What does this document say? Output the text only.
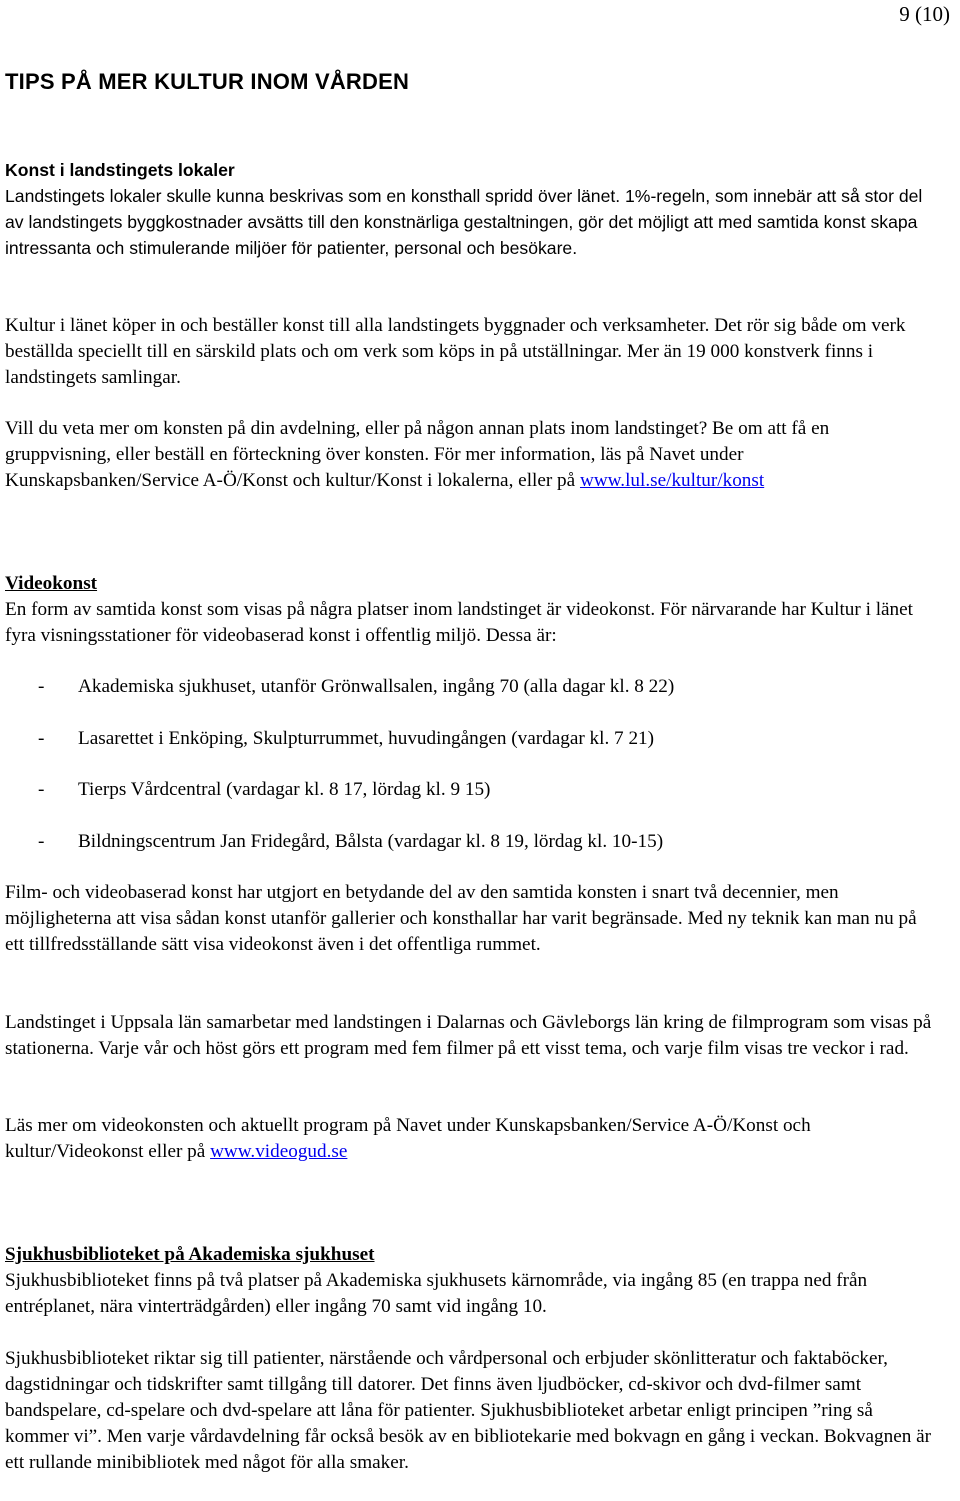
9 (10)
TIPS PÅ MER KULTUR INOM VÅRDEN
Konst i landstingets lokaler

Landstingets lokaler skulle kunna beskrivas som en konsthall spridd över länet. 1%-regeln, som innebär att så stor del av landstingets byggkostnader avsätts till den konstnärliga gestaltningen, gör det möjligt att med samtida konst skapa intressanta och stimulerande miljöer för patienter, personal och besökare.

Kultur i länet köper in och beställer konst till alla landstingets byggnader och verksamheter. Det rör sig både om verk beställda speciellt till en särskild plats och om verk som köps in på utställningar. Mer än 19 000 konstverk finns i landstingets samlingar.

Vill du veta mer om konsten på din avdelning, eller på någon annan plats inom landstinget? Be om att få en gruppvisning, eller beställ en förteckning över konsten. För mer information, läs på Navet under Kunskapsbanken/Service A-Ö/Konst och kultur/Konst i lokalerna, eller på www.lul.se/kultur/konst

Videokonst

En form av samtida konst som visas på några platser inom landstinget är videokonst. För närvarande har Kultur i länet fyra visningsstationer för videobaserad konst i offentlig miljö. Dessa är:

- Akademiska sjukhuset, utanför Grönwallsalen, ingång 70 (alla dagar kl. 8 22)
- Lasarettet i Enköping, Skulpturrummet, huvudingången (vardagar kl. 7 21)
- Tierps Vårdcentral (vardagar kl. 8 17, lördag kl. 9 15)
- Bildningscentrum Jan Fridegård, Bålsta (vardagar kl. 8 19, lördag kl. 10-15)

Film- och videobaserad konst har utgjort en betydande del av den samtida konsten i snart två decennier, men möjligheterna att visa sådan konst utanför gallerier och konsthallar har varit begränsade. Med ny teknik kan man nu på ett tillfredsställande sätt visa videokonst även i det offentliga rummet.

Landstinget i Uppsala län samarbetar med landstingen i Dalarnas och Gävleborgs län kring de filmprogram som visas på stationerna. Varje vår och höst görs ett program med fem filmer på ett visst tema, och varje film visas tre veckor i rad.

Läs mer om videokonsten och aktuellt program på Navet under Kunskapsbanken/Service A-Ö/Konst och kultur/Videokonst eller på www.videogud.se

Sjukhusbiblioteket på Akademiska sjukhuset

Sjukhusbiblioteket finns på två platser på Akademiska sjukhusets kärnområde, via ingång 85 (en trappa ned från entréplanet, nära vinterträdgården) eller ingång 70 samt vid ingång 10.

Sjukhusbiblioteket riktar sig till patienter, närstående och vårdpersonal och erbjuder skönlitteratur och faktaböcker, dagstidningar och tidskrifter samt tillgång till datorer. Det finns även ljudböcker, cd-skivor och dvd-filmer samt bandspelare, cd-spelare och dvd-spelare att låna för patienter. Sjukhusbiblioteket arbetar enligt principen ”ring så kommer vi”. Men varje vårdavdelning får också besök av en bibliotekarie med bokvagn en gång i veckan. Bokvagnen är ett rullande minibibliotek med något för alla smaker.
